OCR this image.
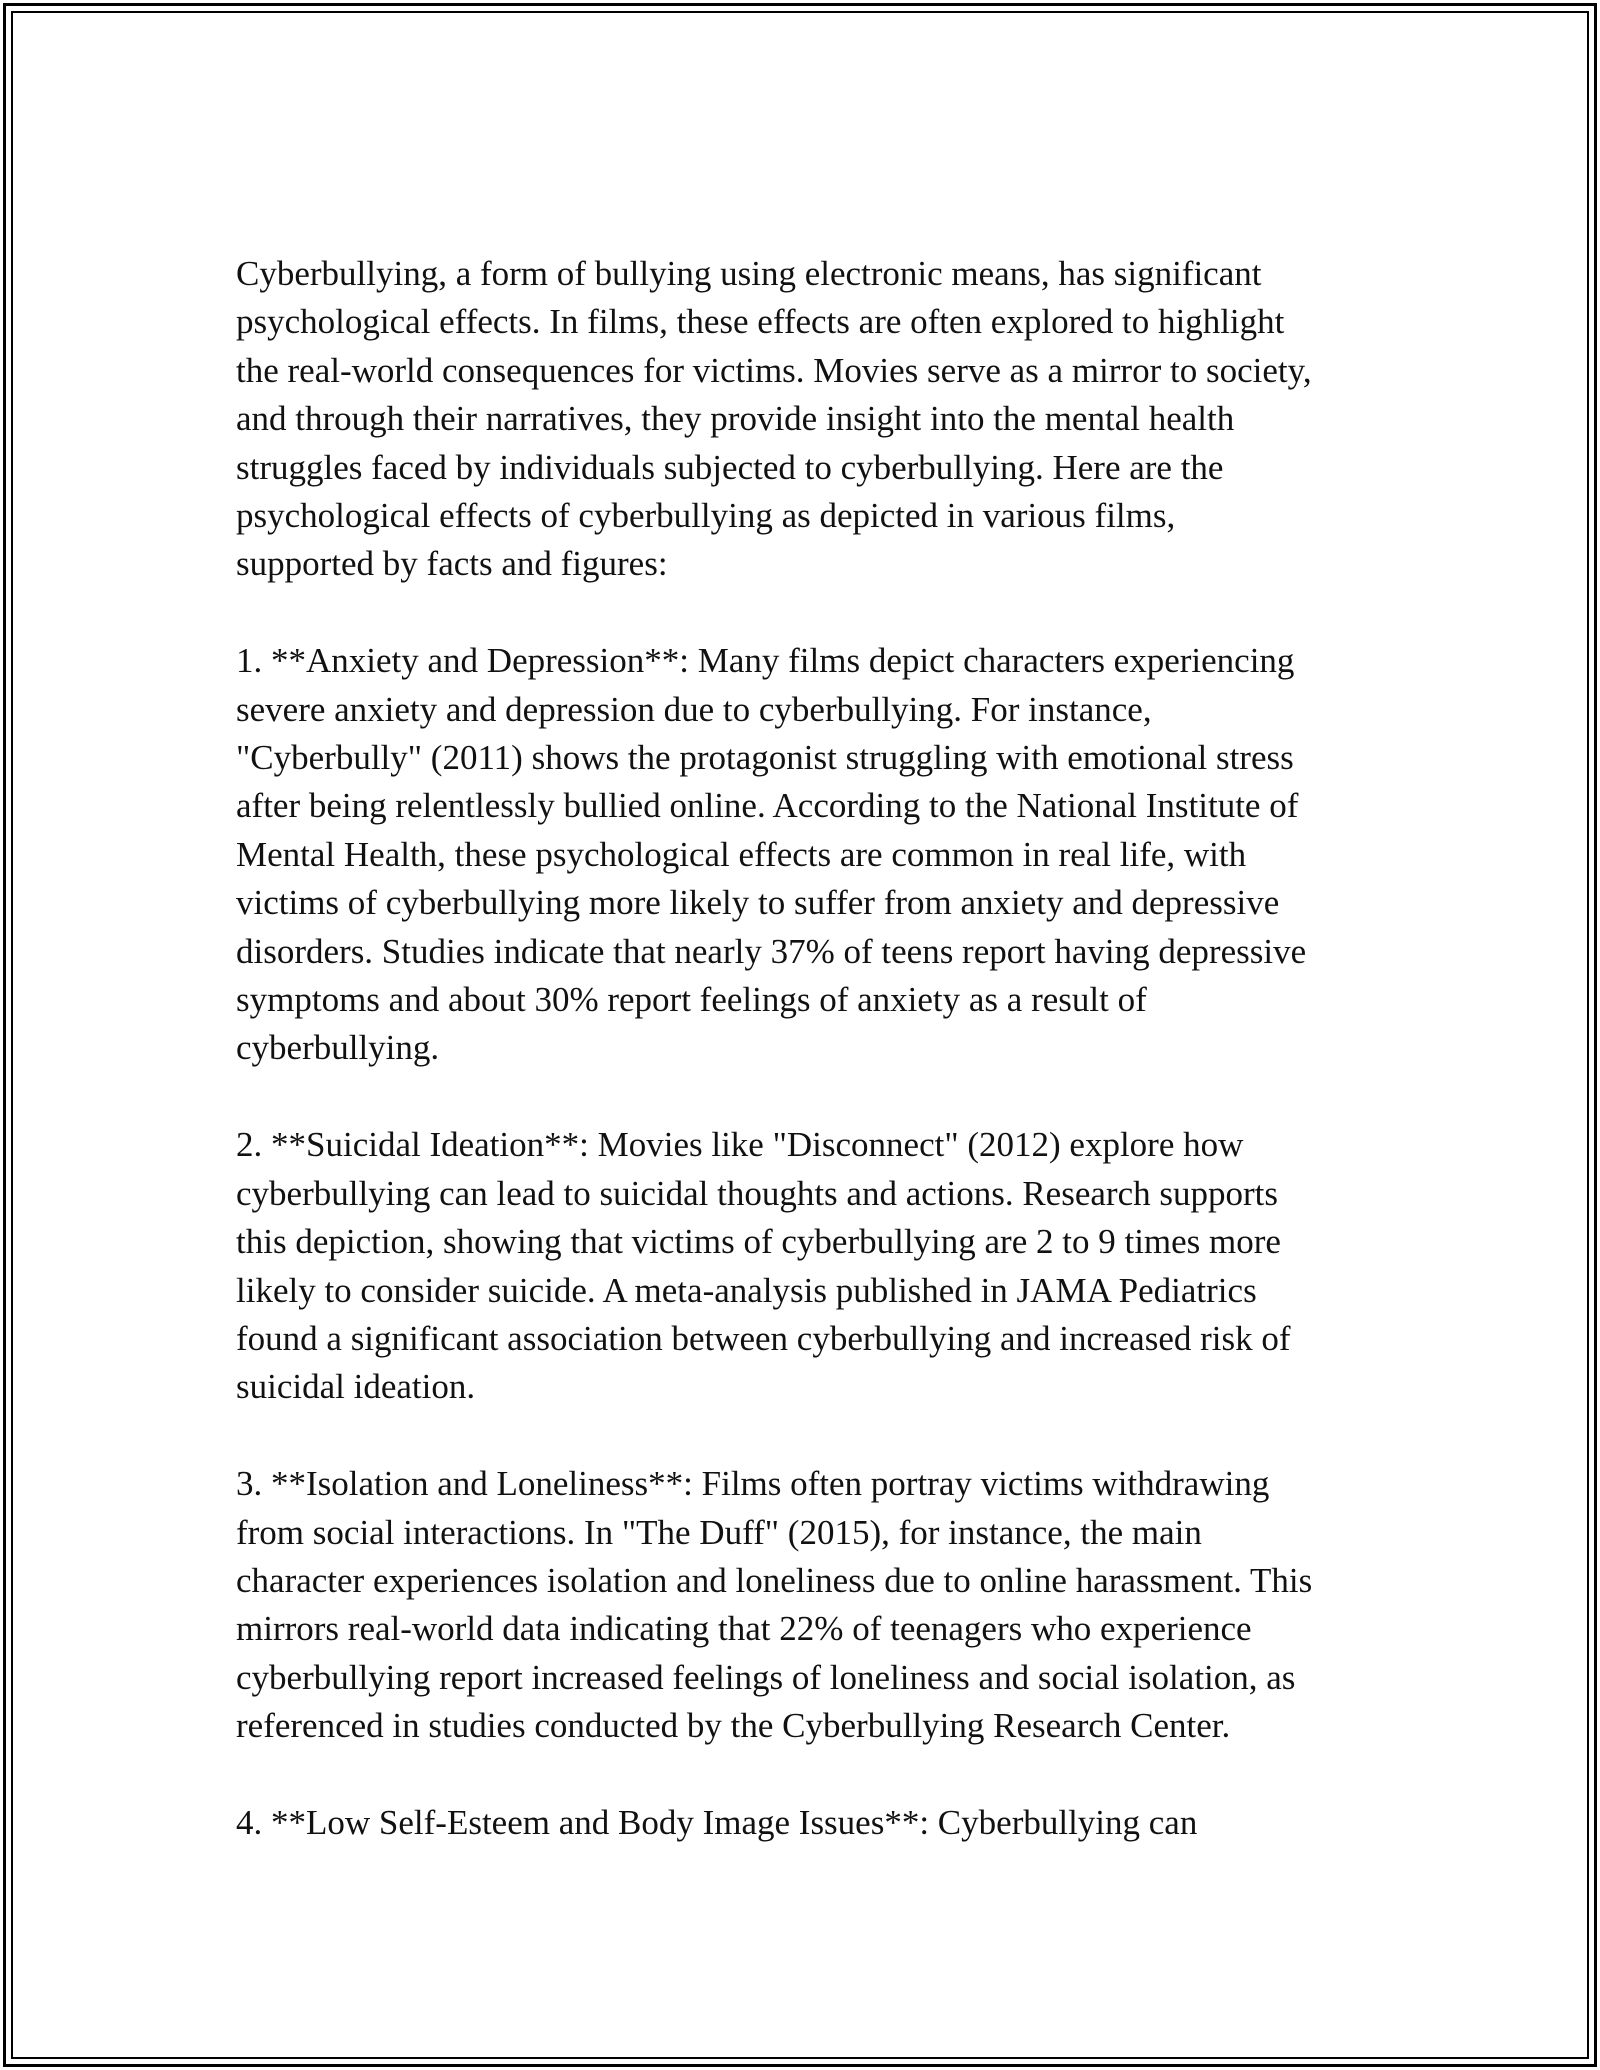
Cyberbullying, a form of bullying using electronic means, has significant
psychological effects. In films, these effects are often explored to highlight
the real-world consequences for victims. Movies serve as a mirror to society,
and through their narratives, they provide insight into the mental health
struggles faced by individuals subjected to cyberbullying. Here are the
psychological effects of cyberbullying as depicted in various films,
supported by facts and figures:

1. **Anxiety and Depression**: Many films depict characters experiencing
severe anxiety and depression due to cyberbullying. For instance,
"Cyberbully" (2011) shows the protagonist struggling with emotional stress
after being relentlessly bullied online. According to the National Institute of
Mental Health, these psychological effects are common in real life, with
victims of cyberbullying more likely to suffer from anxiety and depressive
disorders. Studies indicate that nearly 37% of teens report having depressive
symptoms and about 30% report feelings of anxiety as a result of
cyberbullying.

2. **Suicidal Ideation**: Movies like "Disconnect" (2012) explore how
cyberbullying can lead to suicidal thoughts and actions. Research supports
this depiction, showing that victims of cyberbullying are 2 to 9 times more
likely to consider suicide. A meta-analysis published in JAMA Pediatrics
found a significant association between cyberbullying and increased risk of
suicidal ideation.

3. **Isolation and Loneliness**: Films often portray victims withdrawing
from social interactions. In "The Duff" (2015), for instance, the main
character experiences isolation and loneliness due to online harassment. This
mirrors real-world data indicating that 22% of teenagers who experience
cyberbullying report increased feelings of loneliness and social isolation, as
referenced in studies conducted by the Cyberbullying Research Center.

4. **Low Self-Esteem and Body Image Issues**: Cyberbullying can
